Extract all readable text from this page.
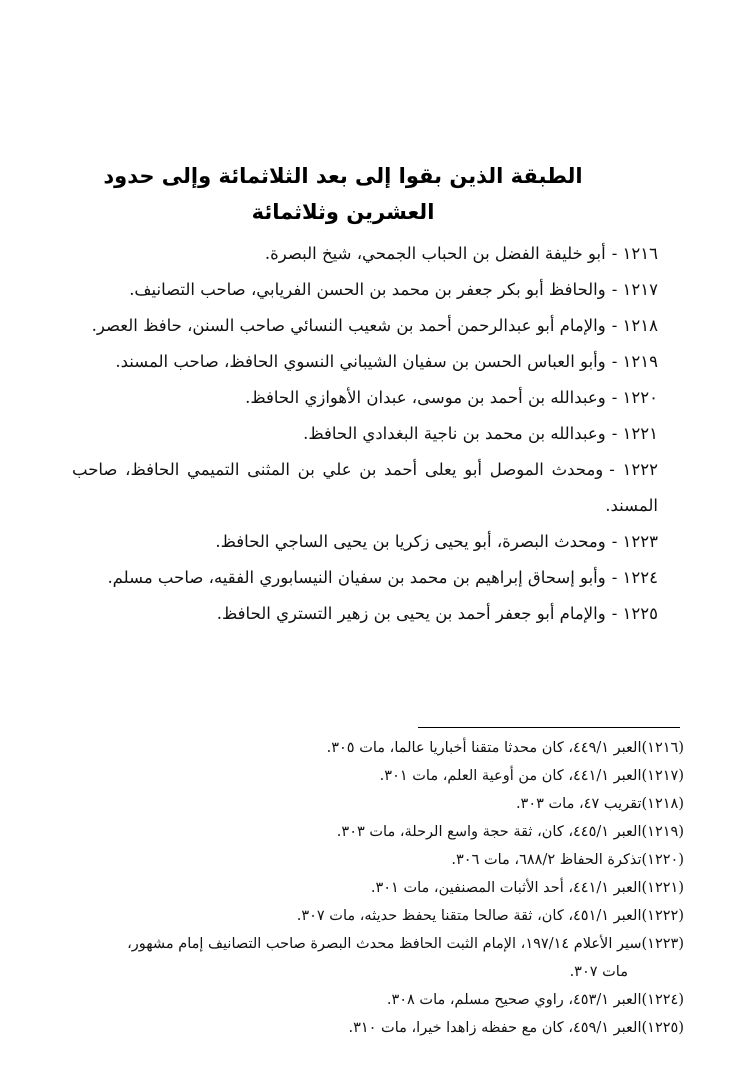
الطبقة الذين بقوا إلى بعد الثلاثمائة وإلى حدود العشرين وثلاثمائة

١٢١٦ -أبو خليفة الفضل بن الحباب الجمحي، شيخ البصرة.

١٢١٧ -والحافظ أبو بكر جعفر بن محمد بن الحسن الفريابي، صاحب التصانيف.

١٢١٨ -والإمام أبو عبدالرحمن أحمد بن شعيب النسائي صاحب السنن، حافظ العصر.

١٢١٩ -وأبو العباس الحسن بن سفيان الشيباني النسوي الحافظ، صاحب المسند.

١٢٢٠ -وعبدالله بن أحمد بن موسى، عبدان الأهوازي الحافظ.

١٢٢١ -وعبدالله بن محمد بن ناجية البغدادي الحافظ.

١٢٢٢ -ومحدث الموصل أبو يعلى أحمد بن علي بن المثنى التميمي الحافظ، صاحب المسند.

١٢٢٣ -ومحدث البصرة، أبو يحيى زكريا بن يحيى الساجي الحافظ.

١٢٢٤ -وأبو إسحاق إبراهيم بن محمد بن سفيان النيسابوري الفقيه، صاحب مسلم.

١٢٢٥ -والإمام أبو جعفر أحمد بن يحيى بن زهير التستري الحافظ.

(١٢١٦)العبر ٤٤٩/١، كان محدثا متقنا أخباريا عالما، مات ٣٠٥.

(١٢١٧)العبر ٤٤١/١، كان من أوعية العلم، مات ٣٠١.

(١٢١٨)تقريب ٤٧، مات ٣٠٣.

(١٢١٩)العبر ٤٤٥/١، كان، ثقة حجة واسع الرحلة، مات ٣٠٣.

(١٢٢٠)تذكرة الحفاظ ٦٨٨/٢، مات ٣٠٦.

(١٢٢١)العبر ٤٤١/١، أحد الأثبات المصنفين، مات ٣٠١.

(١٢٢٢)العبر ٤٥١/١، كان، ثقة صالحا متقنا يحفظ حديثه، مات ٣٠٧.

(١٢٢٣)سير الأعلام ١٩٧/١٤، الإمام الثبت الحافظ محدث البصرة صاحب التصانيف إمام مشهور،

مات ٣٠٧.

(١٢٢٤)العبر ٤٥٣/١، راوي صحيح مسلم، مات ٣٠٨.

(١٢٢٥)العبر ٤٥٩/١، كان مع حفظه زاهدا خيرا، مات ٣١٠.
